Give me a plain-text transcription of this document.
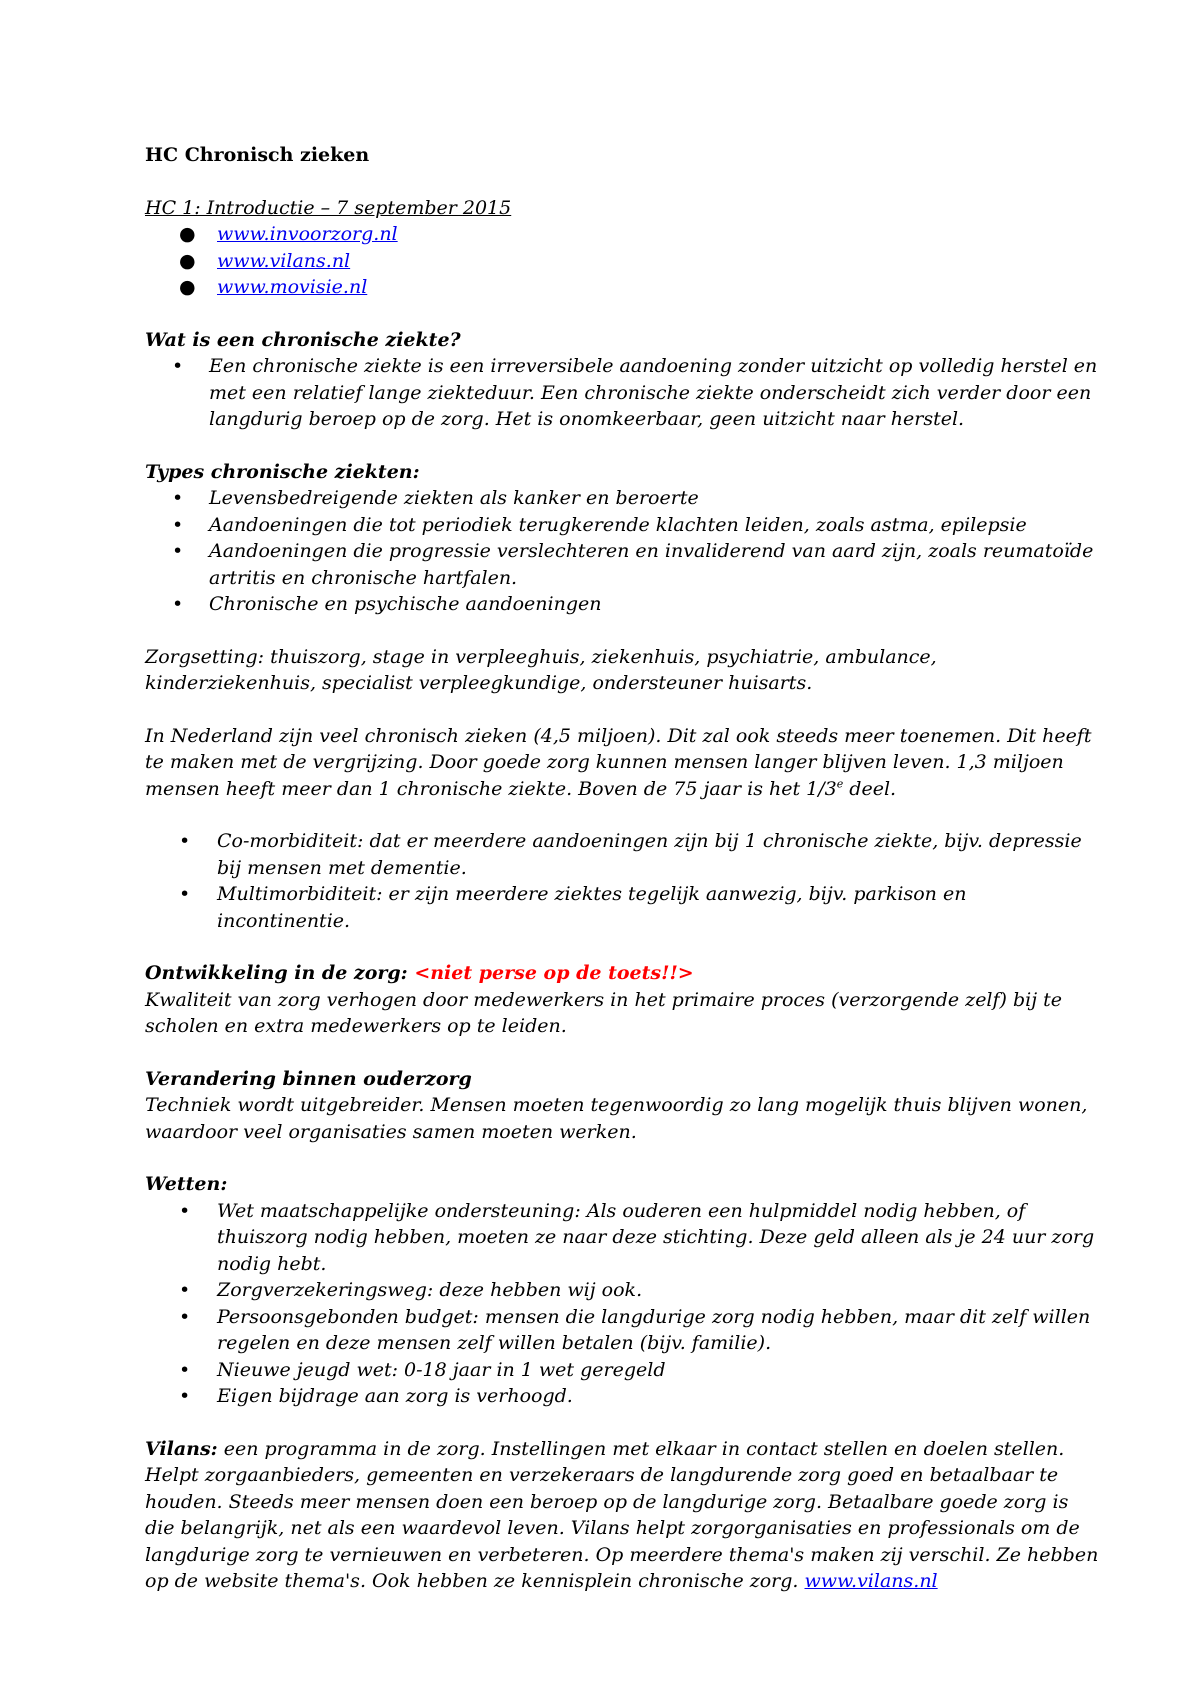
HC Chronisch zieken

HC 1: Introductie – 7 september 2015

● www.invoorzorg.nl
● www.vilans.nl
● www.movisie.nl

Wat is een chronische ziekte?

• Een chronische ziekte is een irreversibele aandoening zonder uitzicht op volledig herstel en met een relatief lange ziekteduur. Een chronische ziekte onderscheidt zich verder door een langdurig beroep op de zorg. Het is onomkeerbaar, geen uitzicht naar herstel.

Types chronische ziekten:

• Levensbedreigende ziekten als kanker en beroerte
• Aandoeningen die tot periodiek terugkerende klachten leiden, zoals astma, epilepsie
• Aandoeningen die progressie verslechteren en invaliderend van aard zijn, zoals reumatoïde artritis en chronische hartfalen.
• Chronische en psychische aandoeningen

Zorgsetting: thuiszorg, stage in verpleeghuis, ziekenhuis, psychiatrie, ambulance, kinderziekenhuis, specialist verpleegkundige, ondersteuner huisarts.

In Nederland zijn veel chronisch zieken (4,5 miljoen). Dit zal ook steeds meer toenemen. Dit heeft te maken met de vergrijzing. Door goede zorg kunnen mensen langer blijven leven. 1,3 miljoen mensen heeft meer dan 1 chronische ziekte. Boven de 75 jaar is het 1/3e deel.

• Co-morbiditeit: dat er meerdere aandoeningen zijn bij 1 chronische ziekte, bijv. depressie bij mensen met dementie.
• Multimorbiditeit: er zijn meerdere ziektes tegelijk aanwezig, bijv. parkison en incontinentie.

Ontwikkeling in de zorg: <niet perse op de toets!!>

Kwaliteit van zorg verhogen door medewerkers in het primaire proces (verzorgende zelf) bij te scholen en extra medewerkers op te leiden.

Verandering binnen ouderzorg

Techniek wordt uitgebreider. Mensen moeten tegenwoordig zo lang mogelijk thuis blijven wonen, waardoor veel organisaties samen moeten werken.

Wetten:

• Wet maatschappelijke ondersteuning: Als ouderen een hulpmiddel nodig hebben, of thuiszorg nodig hebben, moeten ze naar deze stichting. Deze geld alleen als je 24 uur zorg nodig hebt.
• Zorgverzekeringsweg: deze hebben wij ook.
• Persoonsgebonden budget: mensen die langdurige zorg nodig hebben, maar dit zelf willen regelen en deze mensen zelf willen betalen (bijv. familie).
• Nieuwe jeugd wet: 0-18 jaar in 1 wet geregeld
• Eigen bijdrage aan zorg is verhoogd.

Vilans: een programma in de zorg. Instellingen met elkaar in contact stellen en doelen stellen. Helpt zorgaanbieders, gemeenten en verzekeraars de langdurende zorg goed en betaalbaar te houden. Steeds meer mensen doen een beroep op de langdurige zorg. Betaalbare goede zorg is die belangrijk, net als een waardevol leven. Vilans helpt zorgorganisaties en professionals om de langdurige zorg te vernieuwen en verbeteren. Op meerdere thema's maken zij verschil. Ze hebben op de website thema's. Ook hebben ze kennisplein chronische zorg. www.vilans.nl
